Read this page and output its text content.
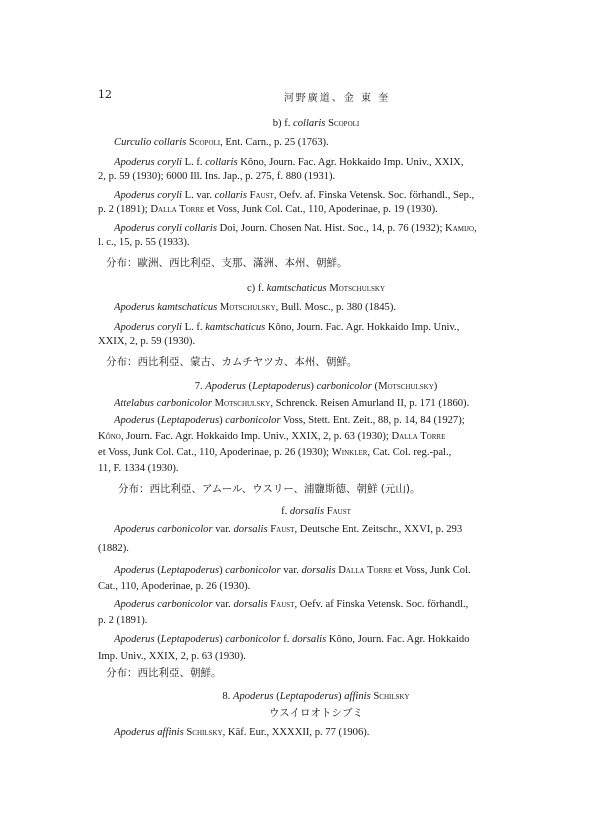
12	河野廣道、金 東 奎
b) f. collaris Scopoli
Curculio collaris Scopoli, Ent. Carn., p. 25 (1763).
Apoderus coryli L. f. collaris Kôno, Journ. Fac. Agr. Hokkaido Imp. Univ., XXIX,
2, p. 59 (1930); 6000 Ill. Ins. Jap., p. 275, f. 880 (1931).
Apoderus coryli L. var. collaris Faust, Oefv. af. Finska Vetensk. Soc. förhandl., Sep.,
p. 2 (1891); Dalla Torre et Voss, Junk Col. Cat., 110, Apoderinae, p. 19 (1930).
Apoderus coryli collaris Doi, Journ. Chosen Nat. Hist. Soc., 14, p. 76 (1932); Kamijo,
l. c., 15, p. 55 (1933).
分布：歐洲、西比利亞、支那、滿洲、本州、朝鮮。
c) f. kamtschaticus Motschulsky
Apoderus kamtschaticus Motschulsky, Bull. Mosc., p. 380 (1845).
Apoderus coryli L. f. kamtschaticus Kôno, Journ. Fac. Agr. Hokkaido Imp. Univ.,
XXIX, 2, p. 59 (1930).
分布：西比利亞、蒙古、カムチヤツカ、本州、朝鮮。
7. Apoderus (Leptapoderus) carbonicolor (Motschulsky)
Attelabus carbonicolor Motschulsky, Schrenck. Reisen Amurland II, p. 171 (1860).
Apoderus (Leptapoderus) carbonicolor Voss, Stett. Ent. Zeit., 88, p. 14, 84 (1927);
Kôno, Journ. Fac. Agr. Hokkaido Imp. Univ., XXIX, 2, p. 63 (1930); Dalla Torre
et Voss, Junk Col. Cat., 110, Apoderinae, p. 26 (1930); Winkler, Cat. Col. reg.-pal.,
11, F. 1334 (1930).
分布：西比利亞、アムール、ウスリー、浦鹽斯德、朝鮮 (元山)。
f. dorsalis Faust
Apoderus carbonicolor var. dorsalis Faust, Deutsche Ent. Zeitschr., XXVI, p. 293
(1882).
Apoderus (Leptapoderus) carbonicolor var. dorsalis Dalla Torre et Voss, Junk Col.
Cat., 110, Apoderinae, p. 26 (1930).
Apoderus carbonicolor var. dorsalis Faust, Oefv. af Finska Vetensk. Soc. förhandl.,
p. 2 (1891).
Apoderus (Leptapoderus) carbonicolor f. dorsalis Kôno, Journ. Fac. Agr. Hokkaido
Imp. Univ., XXIX, 2, p. 63 (1930).
分布：西比利亞、朝鮮。
8. Apoderus (Leptapoderus) affinis Schilsky
ウスイロオトシブミ
Apoderus affinis Schilsky, Käf. Eur., XXXXII, p. 77 (1906).
